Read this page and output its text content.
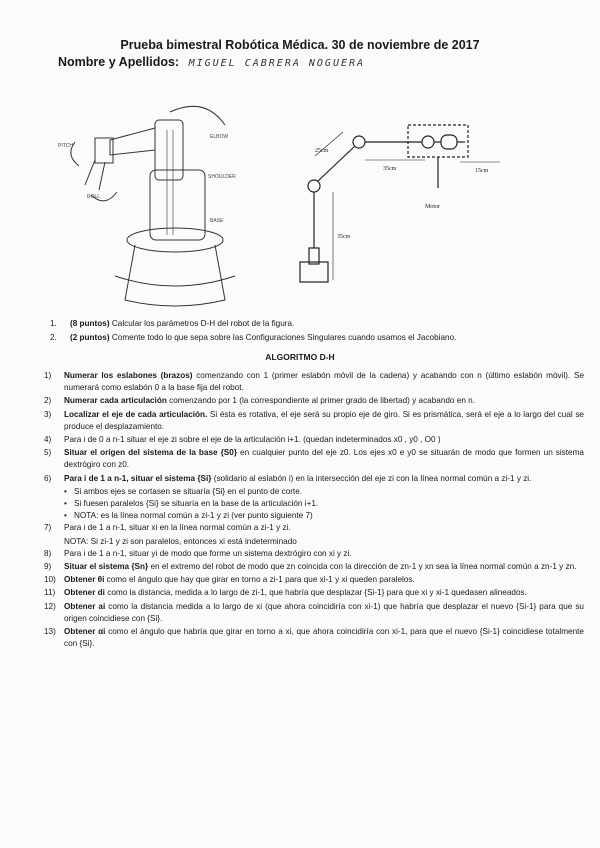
Prueba bimestral Robótica Médica. 30 de noviembre de 2017
Nombre y Apellidos: MIGUEL CABRERA NOGUERA
PITCH
ELBOW
SHOULDER
ROLL
BASE
25cm
35cm
35cm
15cm
Motor
1. (8 puntos) Calcular los parámetros D-H del robot de la figura.
2. (2 puntos) Comente todo lo que sepa sobre las Configuraciones Singulares cuando usamos el Jacobiano.
ALGORITMO D-H
1) Numerar los eslabones (brazos) comenzando con 1 (primer eslabón móvil de la cadena) y acabando con n (último eslabón móvil). Se numerará como eslabón 0 a la base fija del robot.
2) Numerar cada articulación comenzando por 1 (la correspondiente al primer grado de libertad) y acabando en n.
3) Localizar el eje de cada articulación. Si ésta es rotativa, el eje será su propio eje de giro. Si es prismática, será el eje a lo largo del cual se produce el desplazamiento.
4) Para i de 0 a n-1 situar el eje zi sobre el eje de la articulación i+1. (quedan indeterminados x0 , y0 , O0 )
5) Situar el origen del sistema de la base {S0} en cualquier punto del eje z0. Los ejes x0 e y0 se situarán de modo que formen un sistema dextrógiro con z0.
6) Para i de 1 a n-1, situar el sistema {Si} (solidario al eslabón i) en la intersección del eje zi con la línea normal común a zi-1 y zi.
• Si ambos ejes se cortasen se situaría {Si} en el punto de corte.
• Si fuesen paralelos {Si} se situaría en la base de la articulación i+1.
• NOTA: es la línea normal común a zi-1 y zi (ver punto siguiente 7)
7) Para i de 1 a n-1, situar xi en la línea normal común a zi-1 y zi.
NOTA: Si zi-1 y zi son paralelos, entonces xi está indeterminado
8) Para i de 1 a n-1, situar yi de modo que forme un sistema dextrógiro con xi y zi.
9) Situar el sistema {Sn} en el extremo del robot de modo que zn coincida con la dirección de zn-1 y xn sea la línea normal común a zn-1 y zn.
10) Obtener θi como el ángulo que hay que girar en torno a zi-1 para que xi-1 y xi queden paralelos.
11) Obtener di como la distancia, medida a lo largo de zi-1, que habría que desplazar {Si-1} para que xi y xi-1 quedasen alineados.
12) Obtener ai como la distancia medida a lo largo de xi (que ahora coincidiría con xi-1) que habría que desplazar el nuevo {Si-1} para que su origen coincidiese con {Si}.
13) Obtener αi como el ángulo que habría que girar en torno a xi, que ahora coincidiría con xi-1, para que el nuevo {Si-1} coincidiese totalmente con {Si}.
